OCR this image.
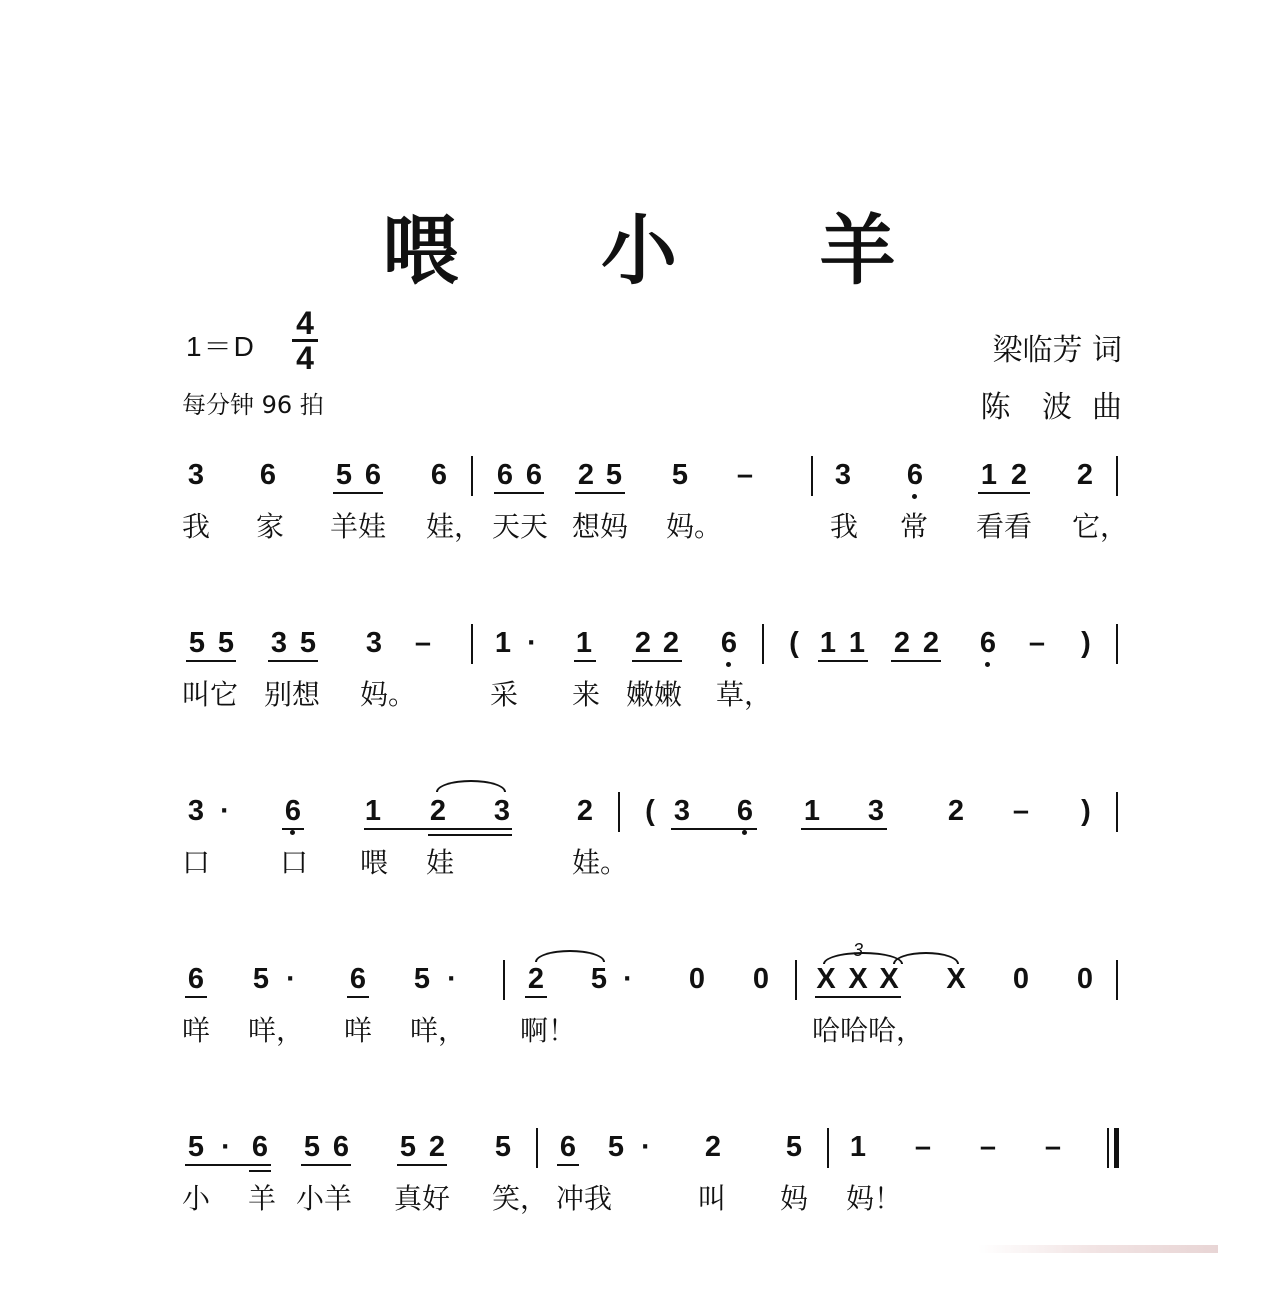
喂 小 羊
1＝D
4
4
每分钟 96 拍
梁临芳 词
陈 波 曲
3 6 5 6 6 6 6 2 5 5 –	3 6 1 2 2
我 家 羊娃 娃， 天天 想妈 妈。	我 常 看看 它，
5 5 3 5 3 – 1 · 1 2 2 6 ( 1 1 2 2 6 – )
叫它 别想 妈。	采 来 嫩嫩 草，
3 · 6 1 2 3 2 ( 3 6 1 3 2 – )
口 口 喂 娃	娃。
6 5 · 6 5 · 2 5 · 0 0
3
X X X X 0 0
咩 咩， 咩 咩， 啊！	哈哈哈，
5 · 6 5 6 5 2 5 6 5 · 2 5 1 – – –
小 羊 小羊 真好 笑， 冲我	叫 妈 妈！
